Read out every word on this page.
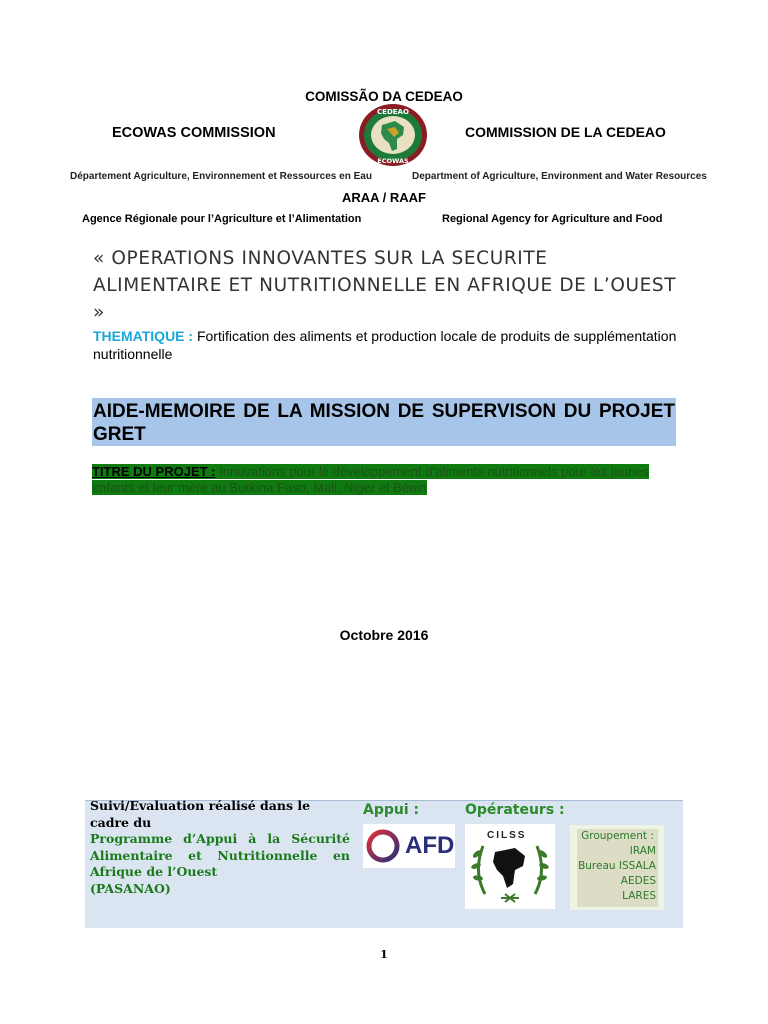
COMISSÃO DA CEDEAO
ECOWAS COMMISSION	COMMISSION DE LA CEDEAO
CEDEAO
ECOWAS
Département Agriculture, Environnement et Ressources en Eau	Department of Agriculture, Environment and Water Resources
ARAA / RAAF
Agence Régionale pour l’Agriculture et l’Alimentation	Regional Agency for Agriculture and Food
« OPERATIONS INNOVANTES SUR LA SECURITE ALIMENTAIRE ET NUTRITIONNELLE EN AFRIQUE DE L’OUEST »
THEMATIQUE : Fortification des aliments et production locale de produits de supplémentation nutritionnelle
AIDE-MEMOIRE DE LA MISSION DE SUPERVISON DU PROJET GRET
TITRE DU PROJET : Innovations pour le développement d’aliments nutritionnels pour les jeunes enfants et leur mère au Burkina Faso, Mali, Niger et Bénin
Octobre 2016
Suivi/Evaluation réalisé dans le cadre du
Programme d’Appui à la Sécurité Alimentaire et Nutritionnelle en Afrique de l’Ouest
(PASANAO)
Appui :	Opérateurs :
AFD	CILSS	Groupement :
IRAM
Bureau ISSALA
AEDES
LARES
1
